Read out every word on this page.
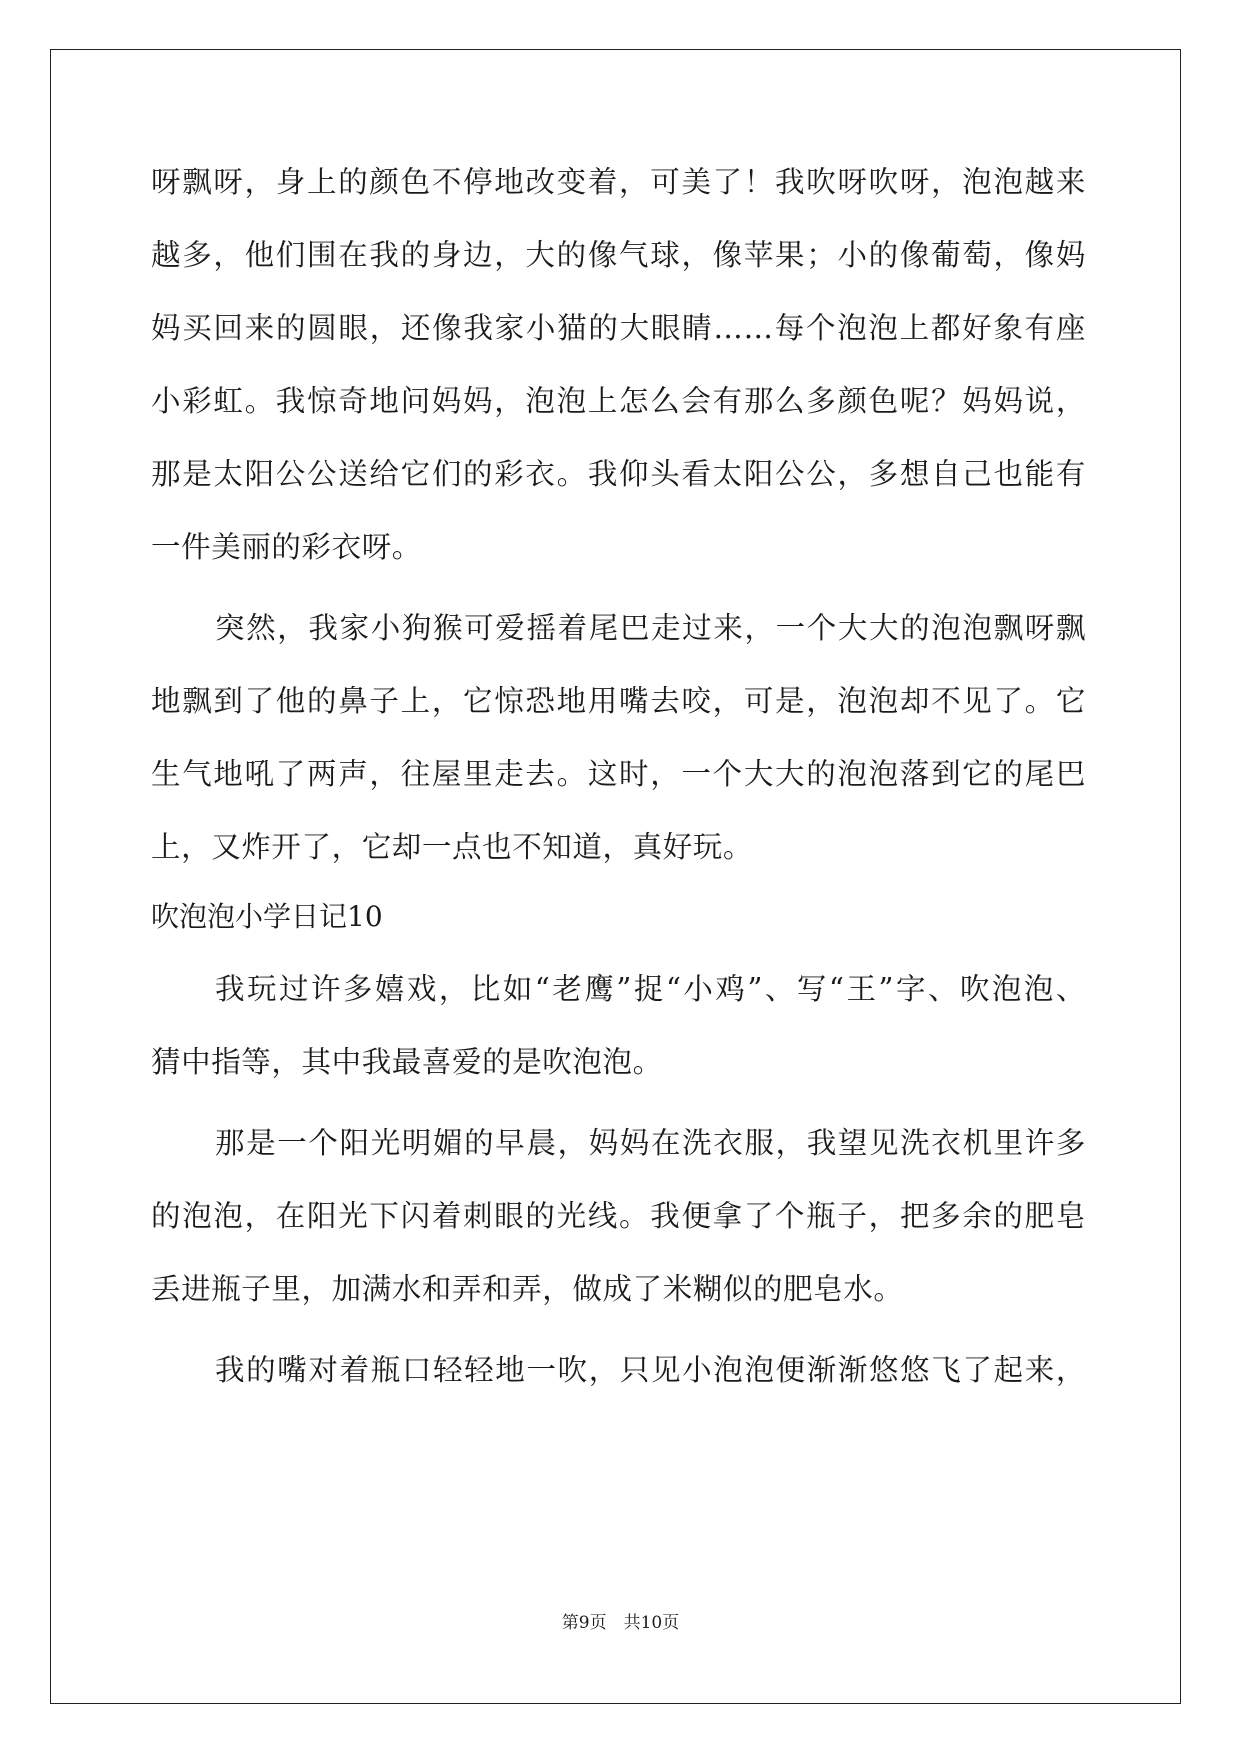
呀飘呀，身上的颜色不停地改变着，可美了！我吹呀吹呀，泡泡越来
越多，他们围在我的身边，大的像气球，像苹果；小的像葡萄，像妈
妈买回来的圆眼，还像我家小猫的大眼睛……每个泡泡上都好象有座
小彩虹。我惊奇地问妈妈，泡泡上怎么会有那么多颜色呢？妈妈说，
那是太阳公公送给它们的彩衣。我仰头看太阳公公，多想自己也能有
一件美丽的彩衣呀。
突然，我家小狗猴可爱摇着尾巴走过来，一个大大的泡泡飘呀飘
地飘到了他的鼻子上，它惊恐地用嘴去咬，可是，泡泡却不见了。它
生气地吼了两声，往屋里走去。这时，一个大大的泡泡落到它的尾巴
上，又炸开了，它却一点也不知道，真好玩。
吹泡泡小学日记10
我玩过许多嬉戏，比如“老鹰”捉“小鸡”、写“王”字、吹泡泡、
猜中指等，其中我最喜爱的是吹泡泡。
那是一个阳光明媚的早晨，妈妈在洗衣服，我望见洗衣机里许多
的泡泡，在阳光下闪着刺眼的光线。我便拿了个瓶子，把多余的肥皂
丢进瓶子里，加满水和弄和弄，做成了米糊似的肥皂水。
我的嘴对着瓶口轻轻地一吹，只见小泡泡便渐渐悠悠飞了起来，
第9页　共10页
